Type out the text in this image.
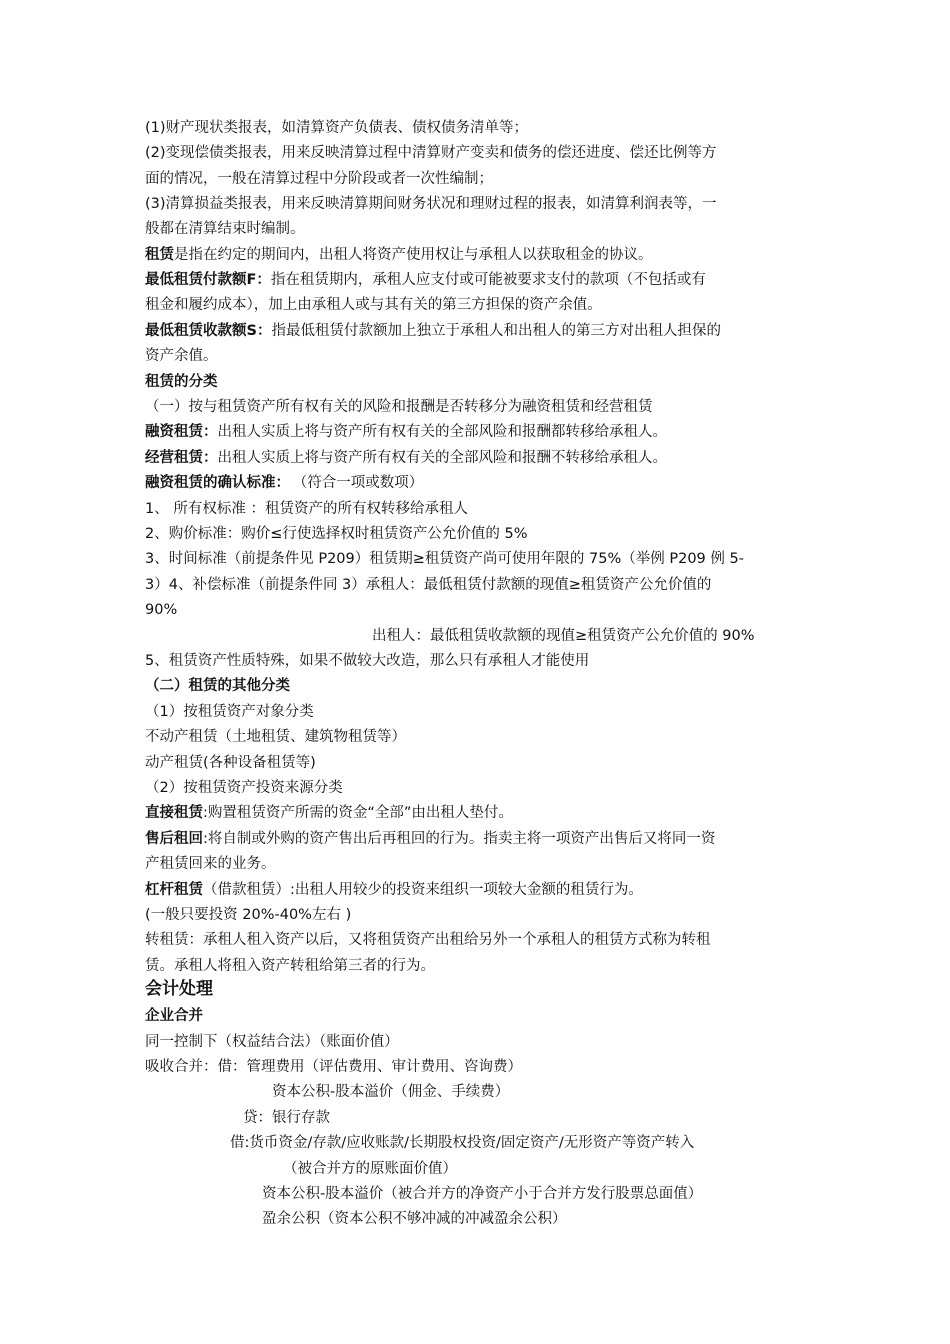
(1)财产现状类报表，如清算资产负债表、债权债务清单等；
(2)变现偿债类报表，用来反映清算过程中清算财产变卖和债务的偿还进度、偿还比例等方
面的情况，一般在清算过程中分阶段或者一次性编制；
(3)清算损益类报表，用来反映清算期间财务状况和理财过程的报表，如清算利润表等，一
般都在清算结束时编制。
租赁是指在约定的期间内，出租人将资产使用权让与承租人以获取租金的协议。
最低租赁付款额F：指在租赁期内，承租人应支付或可能被要求支付的款项（不包括或有
租金和履约成本），加上由承租人或与其有关的第三方担保的资产余值。
最低租赁收款额S：指最低租赁付款额加上独立于承租人和出租人的第三方对出租人担保的
资产余值。
租赁的分类
（一）按与租赁资产所有权有关的风险和报酬是否转移分为融资租赁和经营租赁
融资租赁：出租人实质上将与资产所有权有关的全部风险和报酬都转移给承租人。
经营租赁：出租人实质上将与资产所有权有关的全部风险和报酬不转移给承租人。
融资租赁的确认标准： （符合一项或数项）
1、 所有权标准 ：租赁资产的所有权转移给承租人
2、购价标准：购价≤行使选择权时租赁资产公允价值的 5%
3、时间标准（前提条件见 P209）租赁期≥租赁资产尚可使用年限的 75%（举例 P209 例 5-
3）4、补偿标准（前提条件同 3）承租人：最低租赁付款额的现值≥租赁资产公允价值的
90%
出租人：最低租赁收款额的现值≥租赁资产公允价值的 90%
5、租赁资产性质特殊，如果不做较大改造，那么只有承租人才能使用
（二）租赁的其他分类
（1）按租赁资产对象分类
不动产租赁（土地租赁、建筑物租赁等）
动产租赁(各种设备租赁等)
（2）按租赁资产投资来源分类
直接租赁:购置租赁资产所需的资金“全部”由出租人垫付。
售后租回:将自制或外购的资产售出后再租回的行为。指卖主将一项资产出售后又将同一资
产租赁回来的业务。
杠杆租赁（借款租赁）:出租人用较少的投资来组织一项较大金额的租赁行为。
(一般只要投资 20%-40%左右 )
转租赁：承租人租入资产以后，又将租赁资产出租给另外一个承租人的租赁方式称为转租
赁。承租人将租入资产转租给第三者的行为。
会计处理
企业合并
同一控制下（权益结合法）（账面价值）
吸收合并：借：管理费用（评估费用、审计费用、咨询费）
资本公积-股本溢价（佣金、手续费）
贷：银行存款
借:货币资金/存款/应收账款/长期股权投资/固定资产/无形资产等资产转入
（被合并方的原账面价值）
资本公积-股本溢价（被合并方的净资产小于合并方发行股票总面值）
盈余公积（资本公积不够冲减的冲减盈余公积）
